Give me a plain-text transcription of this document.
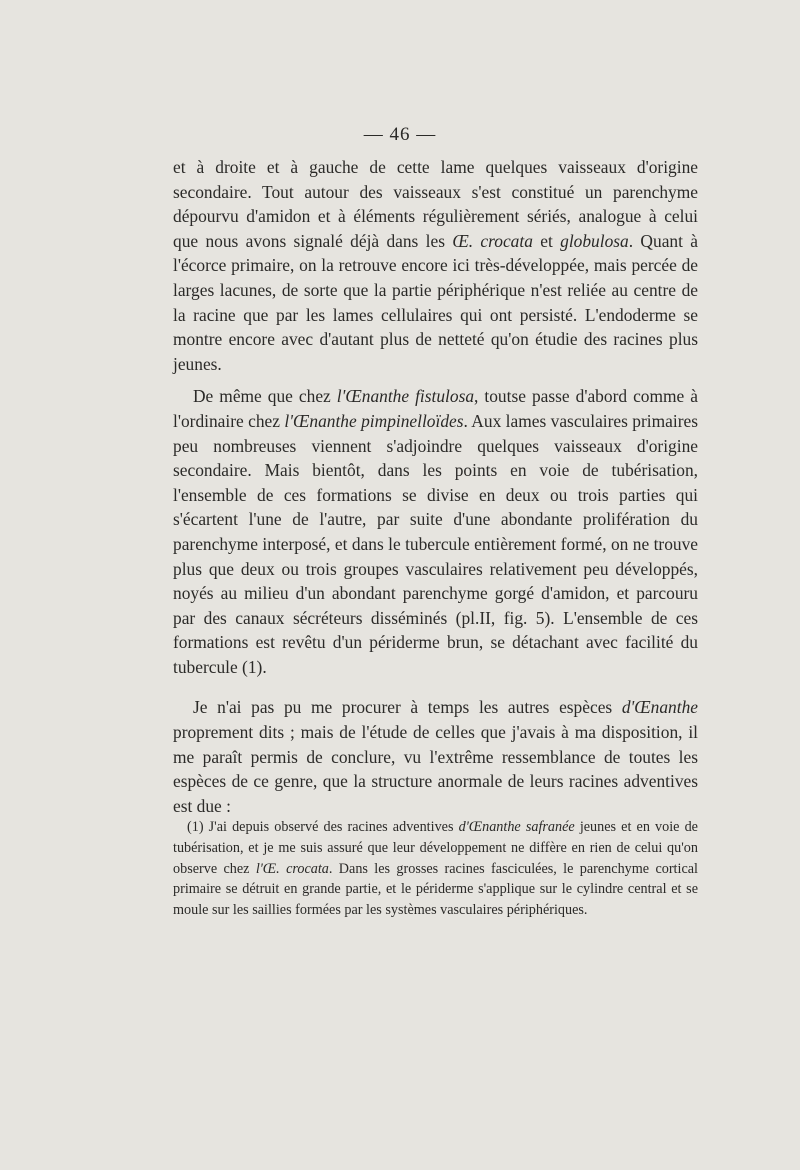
— 46 —

et à droite et à gauche de cette lame quelques vaisseaux d'origine secondaire. Tout autour des vaisseaux s'est constitué un parenchyme dépourvu d'amidon et à éléments régulièrement sériés, analogue à celui que nous avons signalé déjà dans les Œ. crocata et globulosa. Quant à l'écorce primaire, on la retrouve encore ici très-développée, mais percée de larges lacunes, de sorte que la partie périphérique n'est reliée au centre de la racine que par les lames cellulaires qui ont persisté. L'endoderme se montre encore avec d'autant plus de netteté qu'on étudie des racines plus jeunes.

De même que chez l'Œnanthe fistulosa, toutse passe d'abord comme à l'ordinaire chez l'Œnanthe pimpinelloïdes. Aux lames vasculaires primaires peu nombreuses viennent s'adjoindre quelques vaisseaux d'origine secondaire. Mais bientôt, dans les points en voie de tubérisation, l'ensemble de ces formations se divise en deux ou trois parties qui s'écartent l'une de l'autre, par suite d'une abondante prolifération du parenchyme interposé, et dans le tubercule entièrement formé, on ne trouve plus que deux ou trois groupes vasculaires relativement peu développés, noyés au milieu d'un abondant parenchyme gorgé d'amidon, et parcouru par des canaux sécréteurs disséminés (pl.II, fig. 5). L'ensemble de ces formations est revêtu d'un périderme brun, se détachant avec facilité du tubercule (1).

Je n'ai pas pu me procurer à temps les autres espèces d'Œnanthe proprement dits ; mais de l'étude de celles que j'avais à ma disposition, il me paraît permis de conclure, vu l'extrême ressemblance de toutes les espèces de ce genre, que la structure anormale de leurs racines adventives est due :

(1) J'ai depuis observé des racines adventives d'Œnanthe safranée jeunes et en voie de tubérisation, et je me suis assuré que leur développement ne diffère en rien de celui qu'on observe chez l'Œ. crocata. Dans les grosses racines fasciculées, le parenchyme cortical primaire se détruit en grande partie, et le périderme s'applique sur le cylindre central et se moule sur les saillies formées par les systèmes vasculaires périphériques.
